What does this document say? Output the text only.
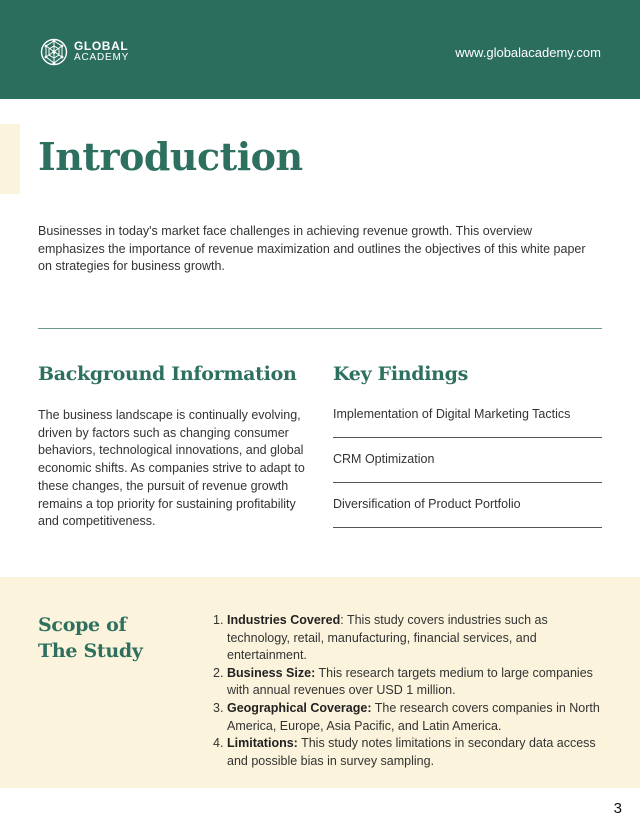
GLOBAL
ACADEMY	www.globalacademy.com
Introduction

Businesses in today's market face challenges in achieving revenue growth. This overview emphasizes the importance of revenue maximization and outlines the objectives of this white paper on strategies for business growth.

Background Information

The business landscape is continually evolving, driven by factors such as changing consumer behaviors, technological innovations, and global economic shifts. As companies strive to adapt to these changes, the pursuit of revenue growth remains a top priority for sustaining profitability and competitiveness.

Key Findings
Implementation of Digital Marketing Tactics
CRM Optimization
Diversification of Product Portfolio
Scope of
The Study
1. Industries Covered: This study covers industries such as technology, retail, manufacturing, financial services, and entertainment.
2. Business Size: This research targets medium to large companies with annual revenues over USD 1 million.
3. Geographical Coverage: The research covers companies in North America, Europe, Asia Pacific, and Latin America.
4. Limitations: This study notes limitations in secondary data access and possible bias in survey sampling.
3
